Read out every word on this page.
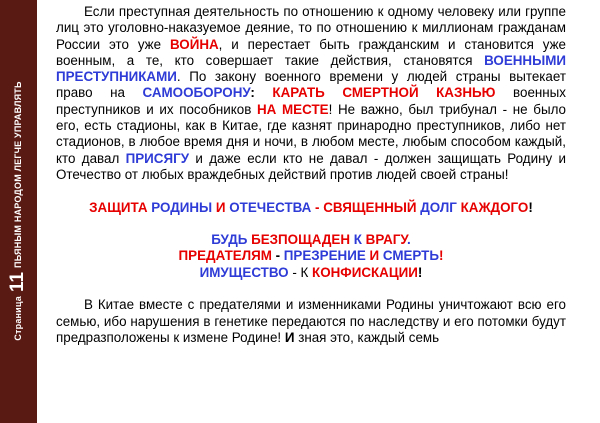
Страница
11
ПЬЯНЫМ НАРОДОМ ЛЕГЧЕ УПРАВЛЯТЬ

Если преступная деятельность по отношению к одному человеку или группе лиц это уголовно-наказуемое деяние, то по отношению к миллионам гражданам России это уже ВОЙНА, и перестает быть гражданским и становится уже военным, а те, кто совершает такие действия, становятся ВОЕННЫМИ ПРЕСТУПНИКАМИ. По закону военного времени у людей страны вытекает право на САМООБОРОНУ: КАРАТЬ СМЕРТНОЙ КАЗНЬЮ военных преступников и их пособников НА МЕСТЕ! Не важно, был трибунал - не было его, есть стадионы, как в Китае, где казнят принародно преступников, либо нет стадионов, в любое время дня и ночи, в любом месте, любым способом каждый, кто давал ПРИСЯГУ и даже если кто не давал - должен защищать Родину и Отечество от любых враждебных действий против людей своей страны!

ЗАЩИТА РОДИНЫ И ОТЕЧЕСТВА - СВЯЩЕННЫЙ ДОЛГ КАЖДОГО!

БУДЬ БЕЗПОЩАДЕН К ВРАГУ.

ПРЕДАТЕЛЯМ - ПРЕЗРЕНИЕ И СМЕРТЬ!

ИМУЩЕСТВО - К КОНФИСКАЦИИ!

В Китае вместе с предателями и изменниками Родины уничтожают всю его семью, ибо нарушения в генетике передаются по наследству и его потомки будут предразположены к измене Родине! И зная это, каждый семь
